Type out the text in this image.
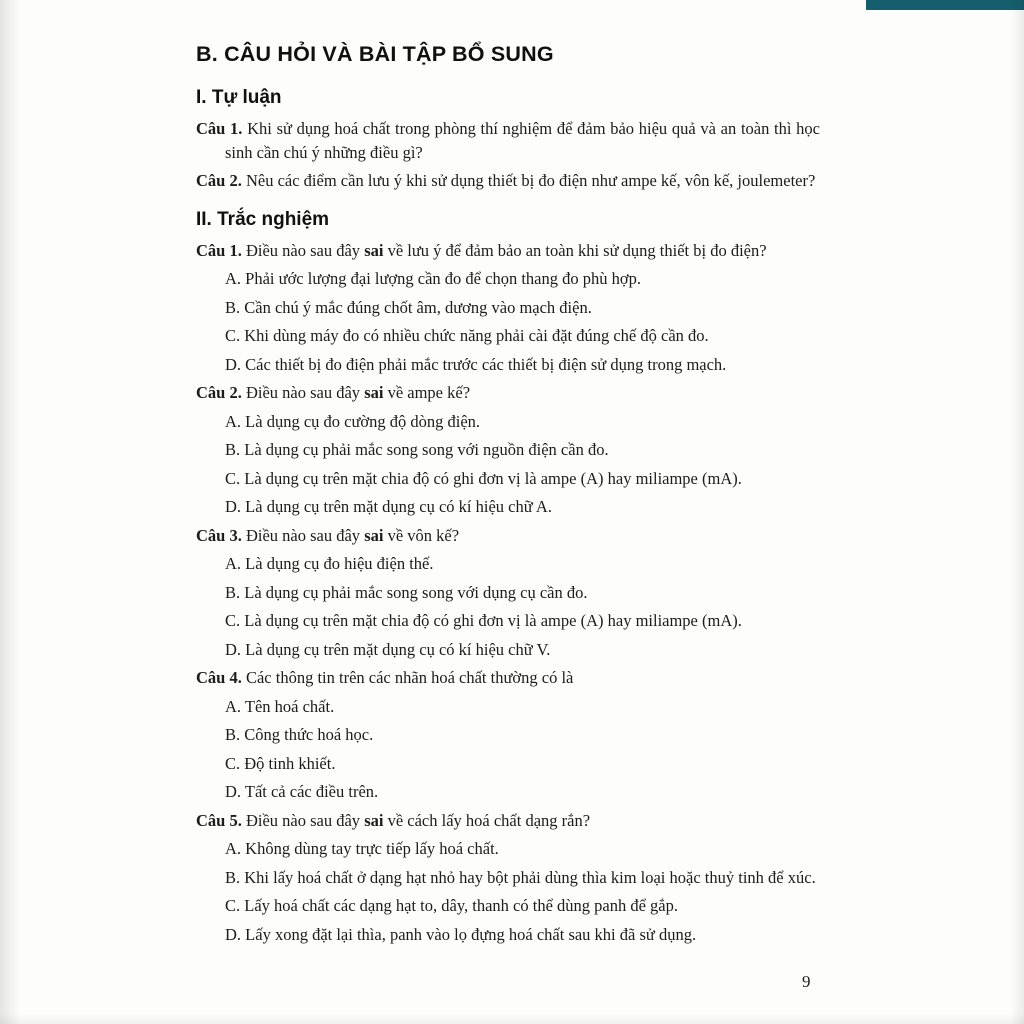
B. CÂU HỎI VÀ BÀI TẬP BỔ SUNG
I. Tự luận

Câu 1. Khi sử dụng hoá chất trong phòng thí nghiệm để đảm bảo hiệu quả và an toàn thì học sinh cần chú ý những điều gì?

Câu 2. Nêu các điểm cần lưu ý khi sử dụng thiết bị đo điện như ampe kế, vôn kế, joulemeter?

II. Trắc nghiệm

Câu 1. Điều nào sau đây sai về lưu ý để đảm bảo an toàn khi sử dụng thiết bị đo điện?

A. Phải ước lượng đại lượng cần đo để chọn thang đo phù hợp.

B. Cần chú ý mắc đúng chốt âm, dương vào mạch điện.

C. Khi dùng máy đo có nhiều chức năng phải cài đặt đúng chế độ cần đo.

D. Các thiết bị đo điện phải mắc trước các thiết bị điện sử dụng trong mạch.

Câu 2. Điều nào sau đây sai về ampe kế?

A. Là dụng cụ đo cường độ dòng điện.

B. Là dụng cụ phải mắc song song với nguồn điện cần đo.

C. Là dụng cụ trên mặt chia độ có ghi đơn vị là ampe (A) hay miliampe (mA).

D. Là dụng cụ trên mặt dụng cụ có kí hiệu chữ A.

Câu 3. Điều nào sau đây sai về vôn kế?

A. Là dụng cụ đo hiệu điện thế.

B. Là dụng cụ phải mắc song song với dụng cụ cần đo.

C. Là dụng cụ trên mặt chia độ có ghi đơn vị là ampe (A) hay miliampe (mA).

D. Là dụng cụ trên mặt dụng cụ có kí hiệu chữ V.

Câu 4. Các thông tin trên các nhãn hoá chất thường có là

A. Tên hoá chất.

B. Công thức hoá học.

C. Độ tinh khiết.

D. Tất cả các điều trên.

Câu 5. Điều nào sau đây sai về cách lấy hoá chất dạng rắn?

A. Không dùng tay trực tiếp lấy hoá chất.

B. Khi lấy hoá chất ở dạng hạt nhỏ hay bột phải dùng thìa kim loại hoặc thuỷ tinh để xúc.

C. Lấy hoá chất các dạng hạt to, dây, thanh có thể dùng panh để gắp.

D. Lấy xong đặt lại thìa, panh vào lọ đựng hoá chất sau khi đã sử dụng.

9
